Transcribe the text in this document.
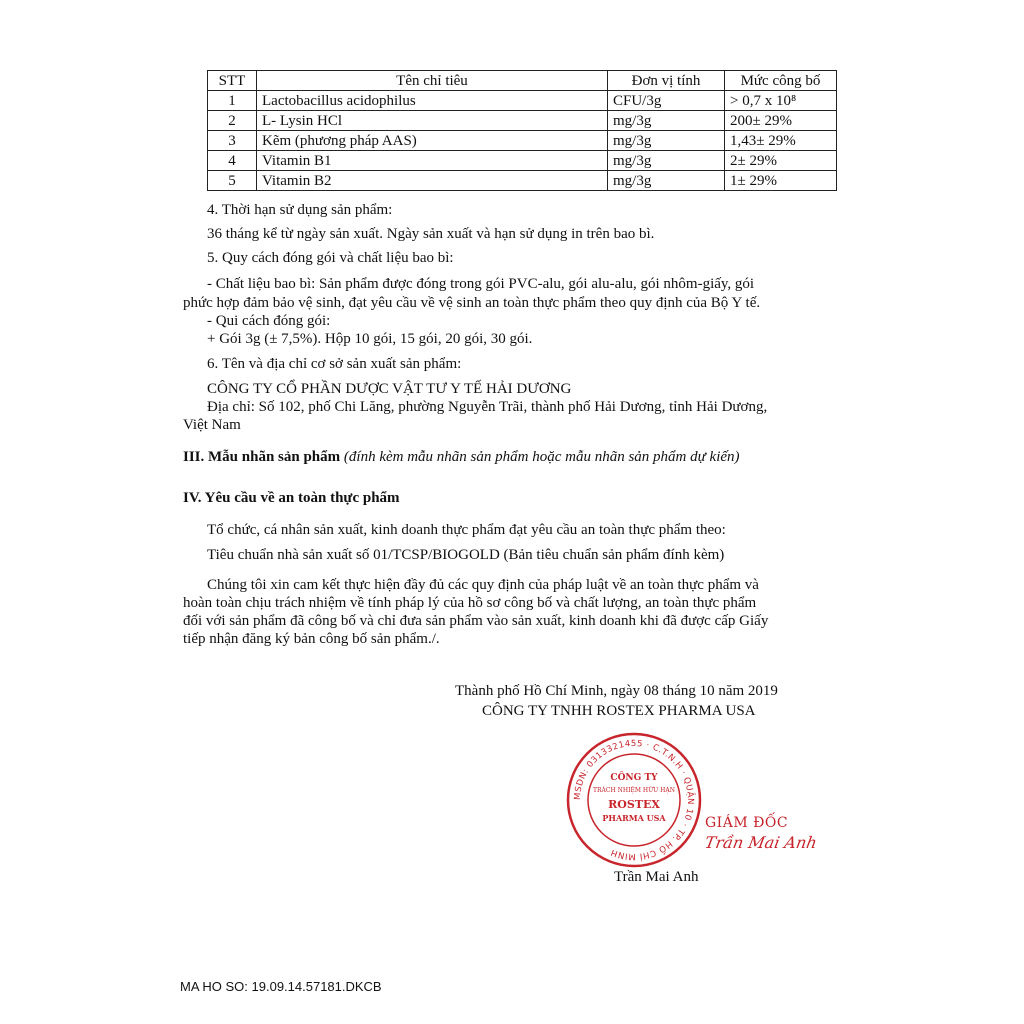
STT	Tên chỉ tiêu	Đơn vị tính	Mức công bố
1	Lactobacillus acidophilus	CFU/3g	> 0,7 x 10⁸
2	L- Lysin HCl	mg/3g	200± 29%
3	Kẽm (phương pháp AAS)	mg/3g	1,43± 29%
4	Vitamin B1	mg/3g	2± 29%
5	Vitamin B2	mg/3g	1± 29%
4. Thời hạn sử dụng sản phẩm:
36 tháng kể từ ngày sản xuất. Ngày sản xuất và hạn sử dụng in trên bao bì.
5. Quy cách đóng gói và chất liệu bao bì:
- Chất liệu bao bì: Sản phẩm được đóng trong gói PVC-alu, gói alu-alu, gói nhôm-giấy, gói
phức hợp đảm bảo vệ sinh, đạt yêu cầu về vệ sinh an toàn thực phẩm theo quy định của Bộ Y tế.
- Qui cách đóng gói:
+ Gói 3g (± 7,5%). Hộp 10 gói, 15 gói, 20 gói, 30 gói.
6. Tên và địa chỉ cơ sở sản xuất sản phẩm:
CÔNG TY CỔ PHẦN DƯỢC VẬT TƯ Y TẾ HẢI DƯƠNG
Địa chỉ: Số 102, phố Chi Lăng, phường Nguyễn Trãi, thành phố Hải Dương, tỉnh Hải Dương,
Việt Nam
III. Mẫu nhãn sản phẩm (đính kèm mẫu nhãn sản phẩm hoặc mẫu nhãn sản phẩm dự kiến)
IV. Yêu cầu về an toàn thực phẩm
Tổ chức, cá nhân sản xuất, kinh doanh thực phẩm đạt yêu cầu an toàn thực phẩm theo:
Tiêu chuẩn nhà sản xuất số 01/TCSP/BIOGOLD (Bản tiêu chuẩn sản phẩm đính kèm)
Chúng tôi xin cam kết thực hiện đầy đủ các quy định của pháp luật về an toàn thực phẩm và
hoàn toàn chịu trách nhiệm về tính pháp lý của hồ sơ công bố và chất lượng, an toàn thực phẩm
đối với sản phẩm đã công bố và chỉ đưa sản phẩm vào sản xuất, kinh doanh khi đã được cấp Giấy
tiếp nhận đăng ký bản công bố sản phẩm./.
Thành phố Hồ Chí Minh, ngày 08 tháng 10 năm 2019
CÔNG TY TNHH ROSTEX PHARMA USA
MSDN: 0313321455 · C.T.N.H · QUẬN 10 · TP. HỒ CHÍ MINH
CÔNG TY
TRÁCH NHIỆM HỮU HẠN
ROSTEX
PHARMA USA	GIÁM ĐỐC
Trần Mai Anh
Trần Mai Anh
MA HO SO: 19.09.14.57181.DKCB
